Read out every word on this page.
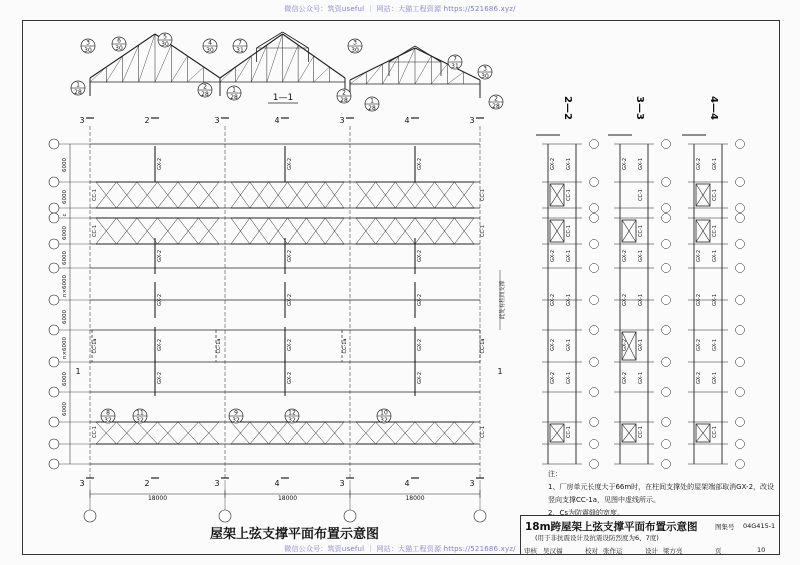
微信公众号：筑资useful ｜ 网站：大猫工程资源 https://521686.xyz/
微信公众号：筑资useful ｜ 网站：大猫工程资源 https://521686.xyz/
1—1
3
30
6
30
5
30	4
30
7
31
3
30
7
31	3
30
1
28
2
28
1
28
2
28	1
28
2
28
6000
6000
c
6000
6000
n×6000
6000
n×6000
6000
6000
3	2	3	4	3	4	3
3	2	3	4	3	4	3
1	1
18000	18000	18000
GX-2
GX-2
GX-2
GX-2
GX-2
GX-2
GX-2
GX-2
GX-2
GX-2
GX-2
GX-2
GX-2
GX-2
GX-2
CC-1
CC-1
CC-1
CC-1
CC-1
CC-1
CC-1a	CC-1a	CC-1a	CC-1a
此处有柱间支撑
8
32
11
32
9
32
12
32
10
32
GX-1
GX-2
GX-1
GX-2
GX-1
GX-2
GX-1
GX-2
GX-1
GX-2
CC-1
CC-1
CC-1
GX-1
GX-2
GX-1
GX-2
GX-1
GX-2
GX-1
GX-2
GX-1
GX-2
CC-1
CC-1
CC-1
GX-1
GX-2
GX-1
GX-2
GX-1
GX-2
GX-1
GX-2
GX-1
GX-2
CC-1
CC-1
CC-1
屋架上弦支撑平面布置示意图
注：
1、厂房单元长度大于66m时，在柱间支撑处的屋架端部取消GX-2，改设
竖向支撑CC-1a，见图中虚线所示。
2、Cs为防震缝的宽度。
18m跨屋架上弦支撑平面布置示意图
(用于非抗震设计及抗震设防烈度为6、7度)
图集号 04G415-1
审核 吴汉福	校对 张作运	设计 梁方亮	页	10
2—2	3—3	4—4
